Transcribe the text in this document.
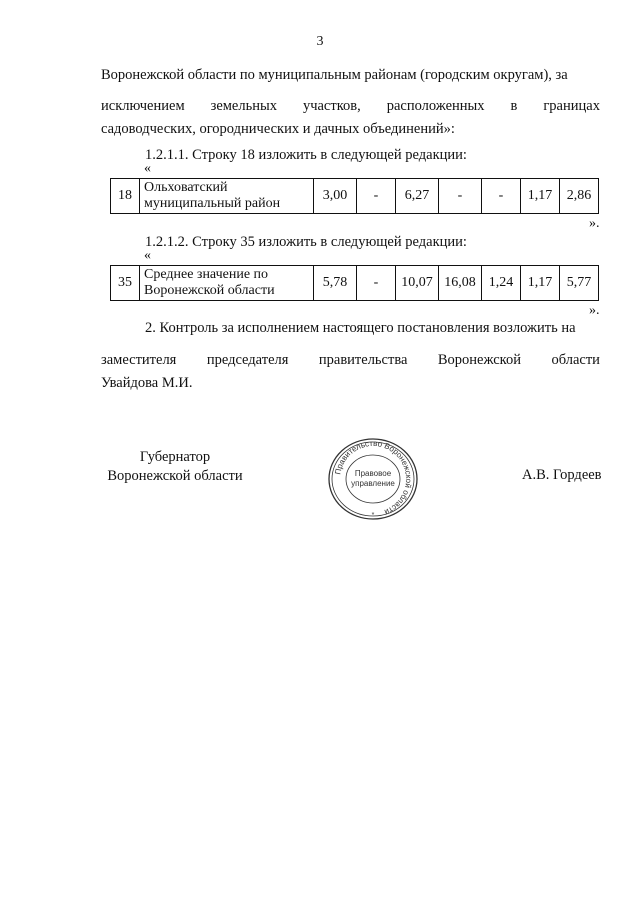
3
Воронежской области по муниципальным районам (городским округам), за
исключением земельных участков, расположенных в границах
садоводческих, огороднических и дачных объединений»:
1.2.1.1. Строку 18 изложить в следующей редакции:
«
18	Ольховатский муниципальный район	3,00	-	6,27	-	-	1,17	2,86
».
1.2.1.2. Строку 35 изложить в следующей редакции:
«
35	Среднее значение по Воронежской области	5,78	-	10,07	16,08	1,24	1,17	5,77
».
2. Контроль за исполнением настоящего постановления возложить на
заместителя председателя правительства Воронежской области
Увайдова М.И.
Губернатор
Воронежской области	Правительство Воронежской области
Правовое
управление
*
А.В. Гордеев
